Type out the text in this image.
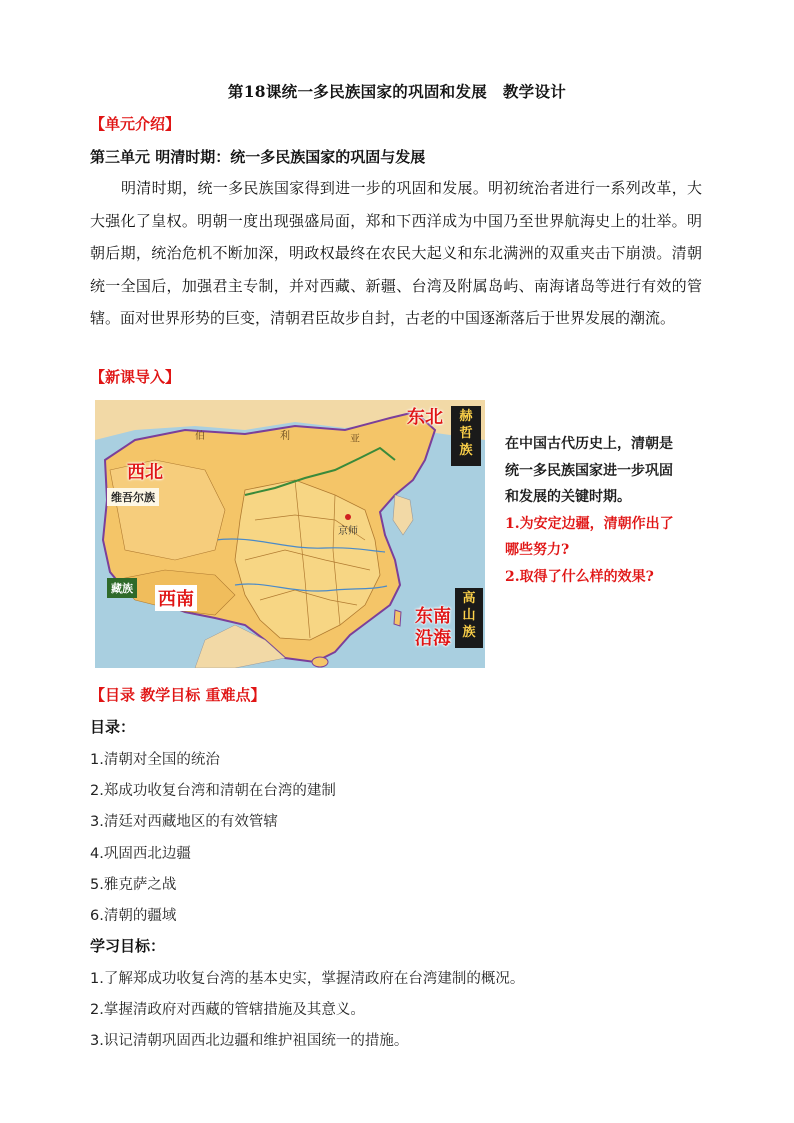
第18课统一多民族国家的巩固和发展　教学设计
【单元介绍】
第三单元 明清时期：统一多民族国家的巩固与发展

明清时期，统一多民族国家得到进一步的巩固和发展。明初统治者进行一系列改革，大大强化了皇权。明朝一度出现强盛局面，郑和下西洋成为中国乃至世界航海史上的壮举。明朝后期，统治危机不断加深，明政权最终在农民大起义和东北满洲的双重夹击下崩溃。清朝统一全国后，加强君主专制，并对西藏、新疆、台湾及附属岛屿、南海诸岛等进行有效的管辖。面对世界形势的巨变，清朝君臣故步自封，古老的中国逐渐落后于世界发展的潮流。

【新课导入】
伯	利	亚
京师
东北	赫
哲
族
西北
维吾尔族
藏族
西南	高
山
族
东南
沿海
在中国古代历史上，清朝是
统一多民族国家进一步巩固
和发展的关键时期。
1.为安定边疆，清朝作出了
哪些努力?
2.取得了什么样的效果?
【目录 教学目标 重难点】
目录：
1.清朝对全国的统治
2.郑成功收复台湾和清朝在台湾的建制
3.清廷对西藏地区的有效管辖
4.巩固西北边疆
5.雅克萨之战
6.清朝的疆域
学习目标：
1.了解郑成功收复台湾的基本史实，掌握清政府在台湾建制的概况。
2.掌握清政府对西藏的管辖措施及其意义。
3.识记清朝巩固西北边疆和维护祖国统一的措施。
